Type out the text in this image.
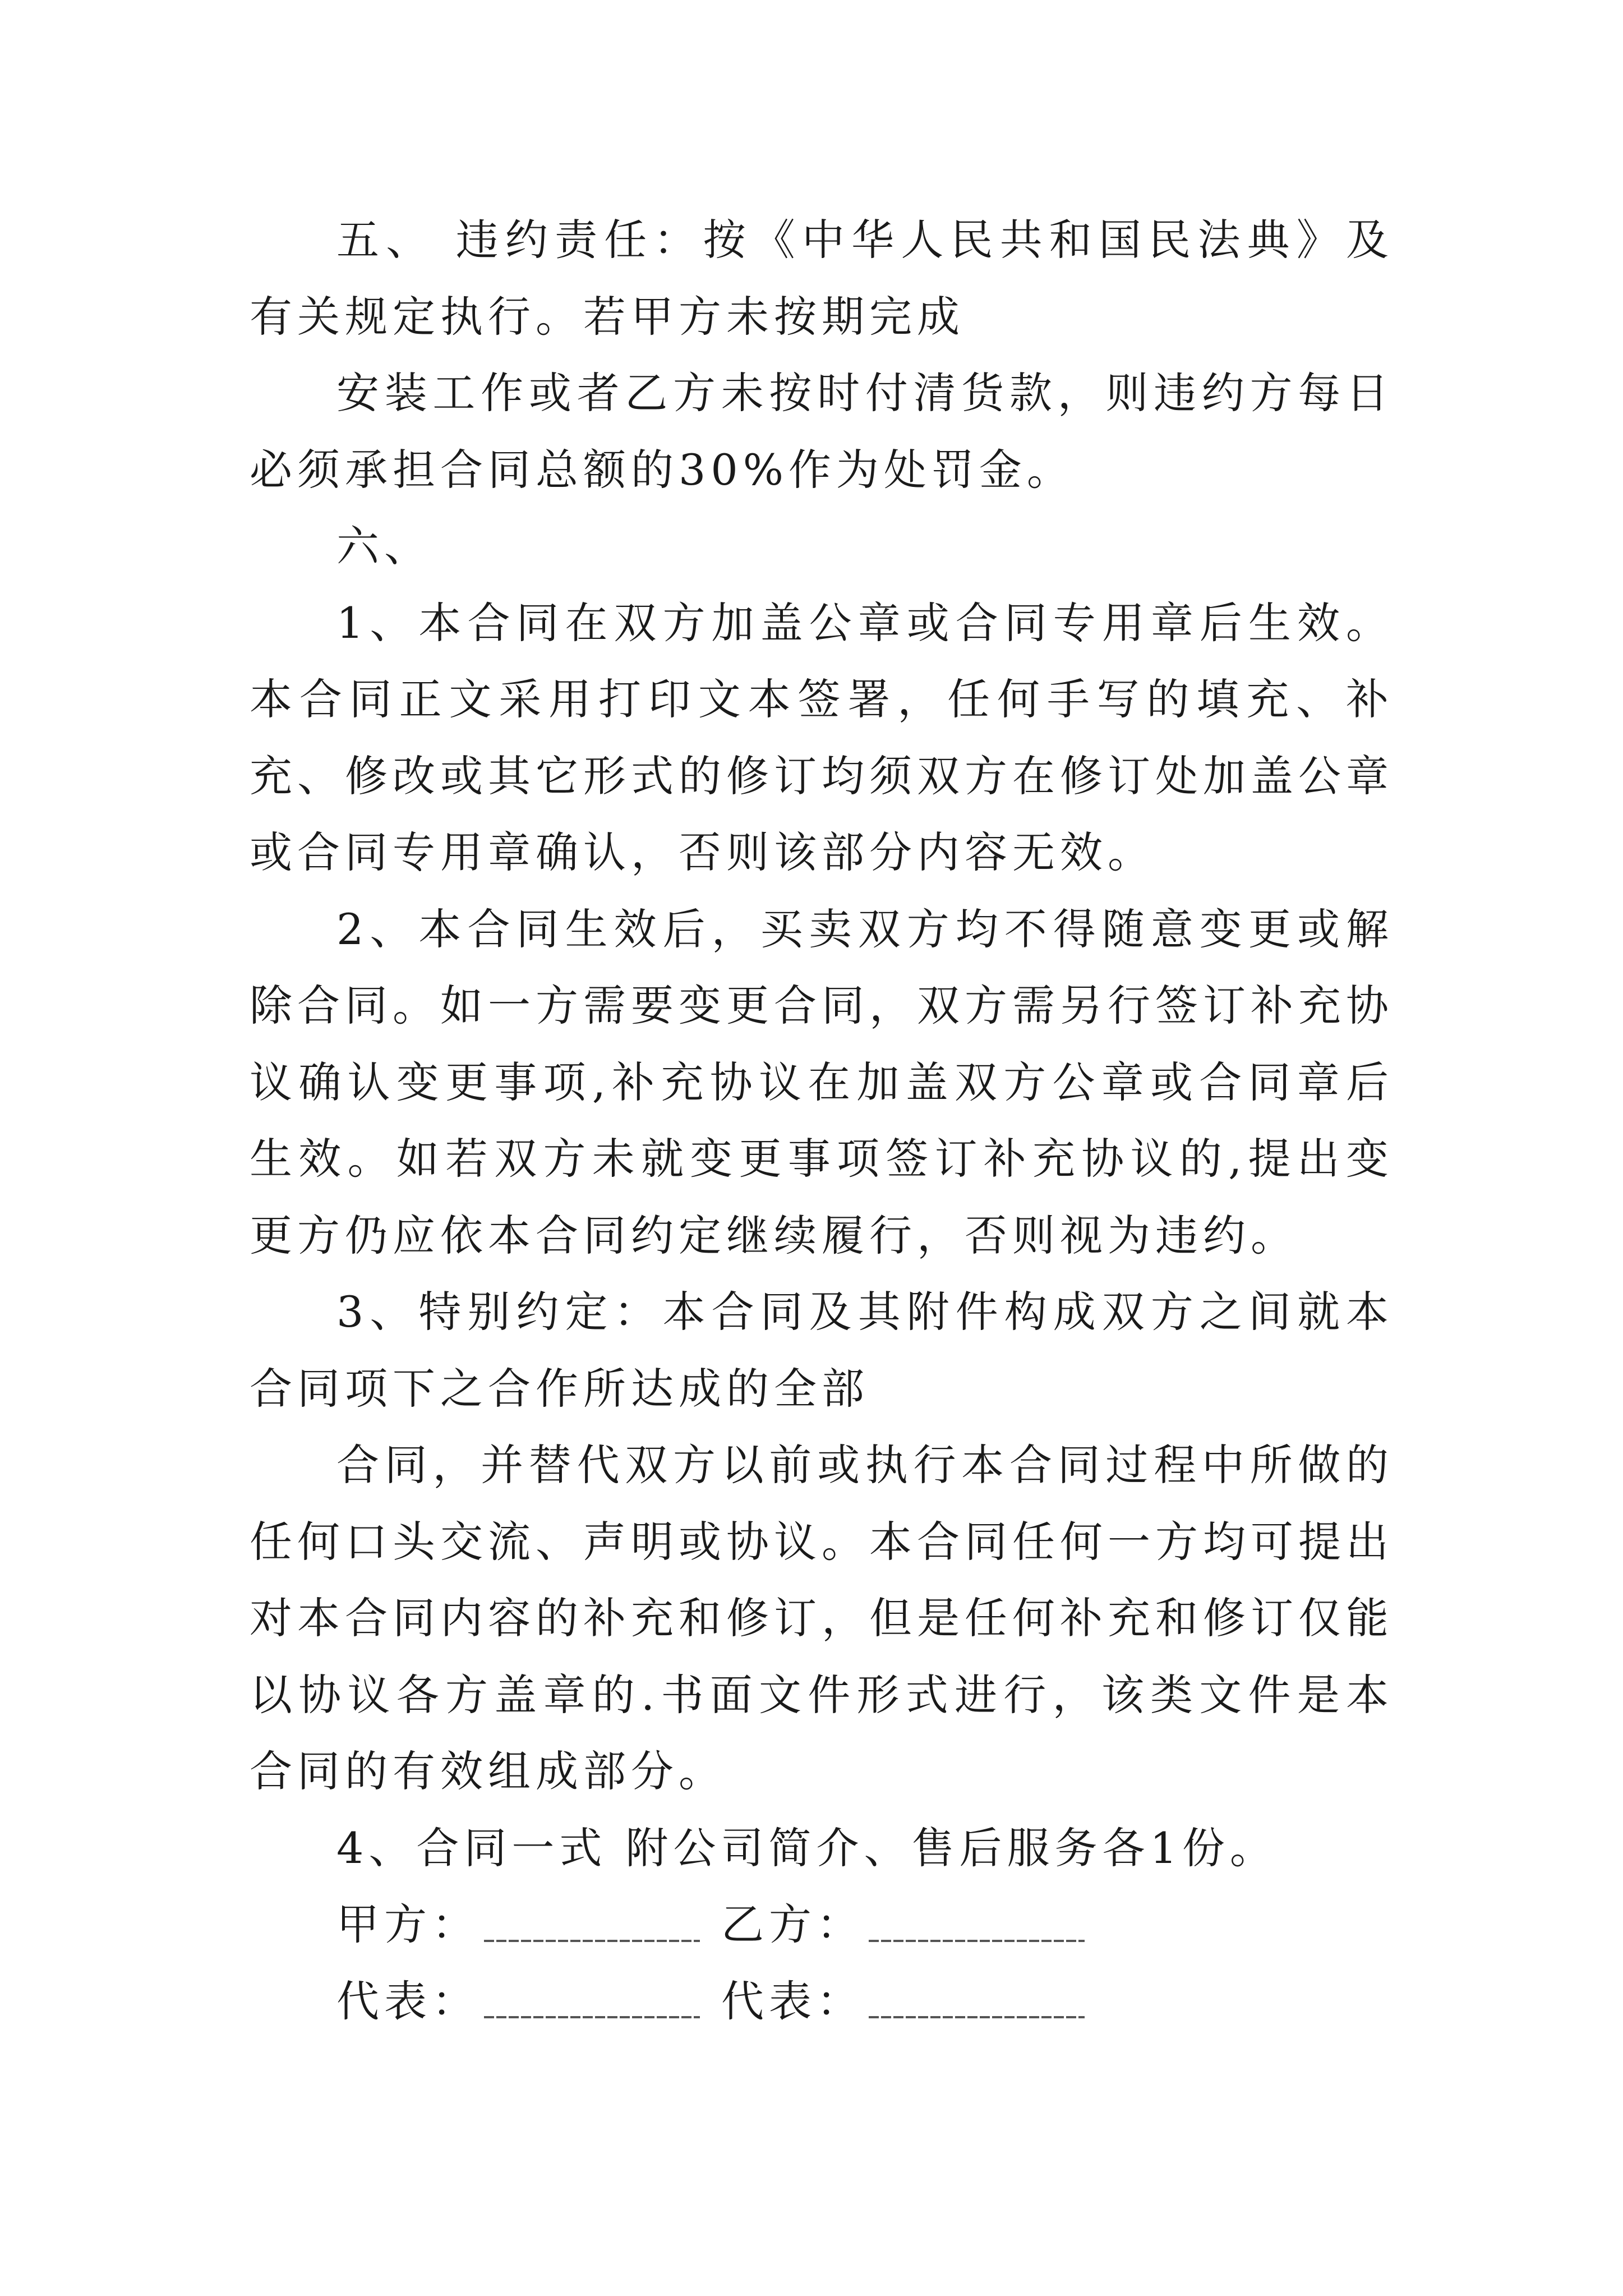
五、 违约责任：按《中华人民共和国民法典》及有关规定执行。若甲方未按期完成

安装工作或者乙方未按时付清货款，则违约方每日必须承担合同总额的30%作为处罚金。

六、

1、本合同在双方加盖公章或合同专用章后生效。本合同正文采用打印文本签署，任何手写的填充、补充、修改或其它形式的修订均须双方在修订处加盖公章或合同专用章确认，否则该部分内容无效。

2、本合同生效后，买卖双方均不得随意变更或解除合同。如一方需要变更合同，双方需另行签订补充协议确认变更事项,补充协议在加盖双方公章或合同章后生效。如若双方未就变更事项签订补充协议的,提出变更方仍应依本合同约定继续履行，否则视为违约。

3、特别约定：本合同及其附件构成双方之间就本合同项下之合作所达成的全部

合同，并替代双方以前或执行本合同过程中所做的任何口头交流、声明或协议。本合同任何一方均可提出对本合同内容的补充和修订，但是任何补充和修订仅能以协议各方盖章的.书面文件形式进行，该类文件是本合同的有效组成部分。

4、合同一式 附公司简介、售后服务各1份。

甲方：	乙方：
代表：	代表：
